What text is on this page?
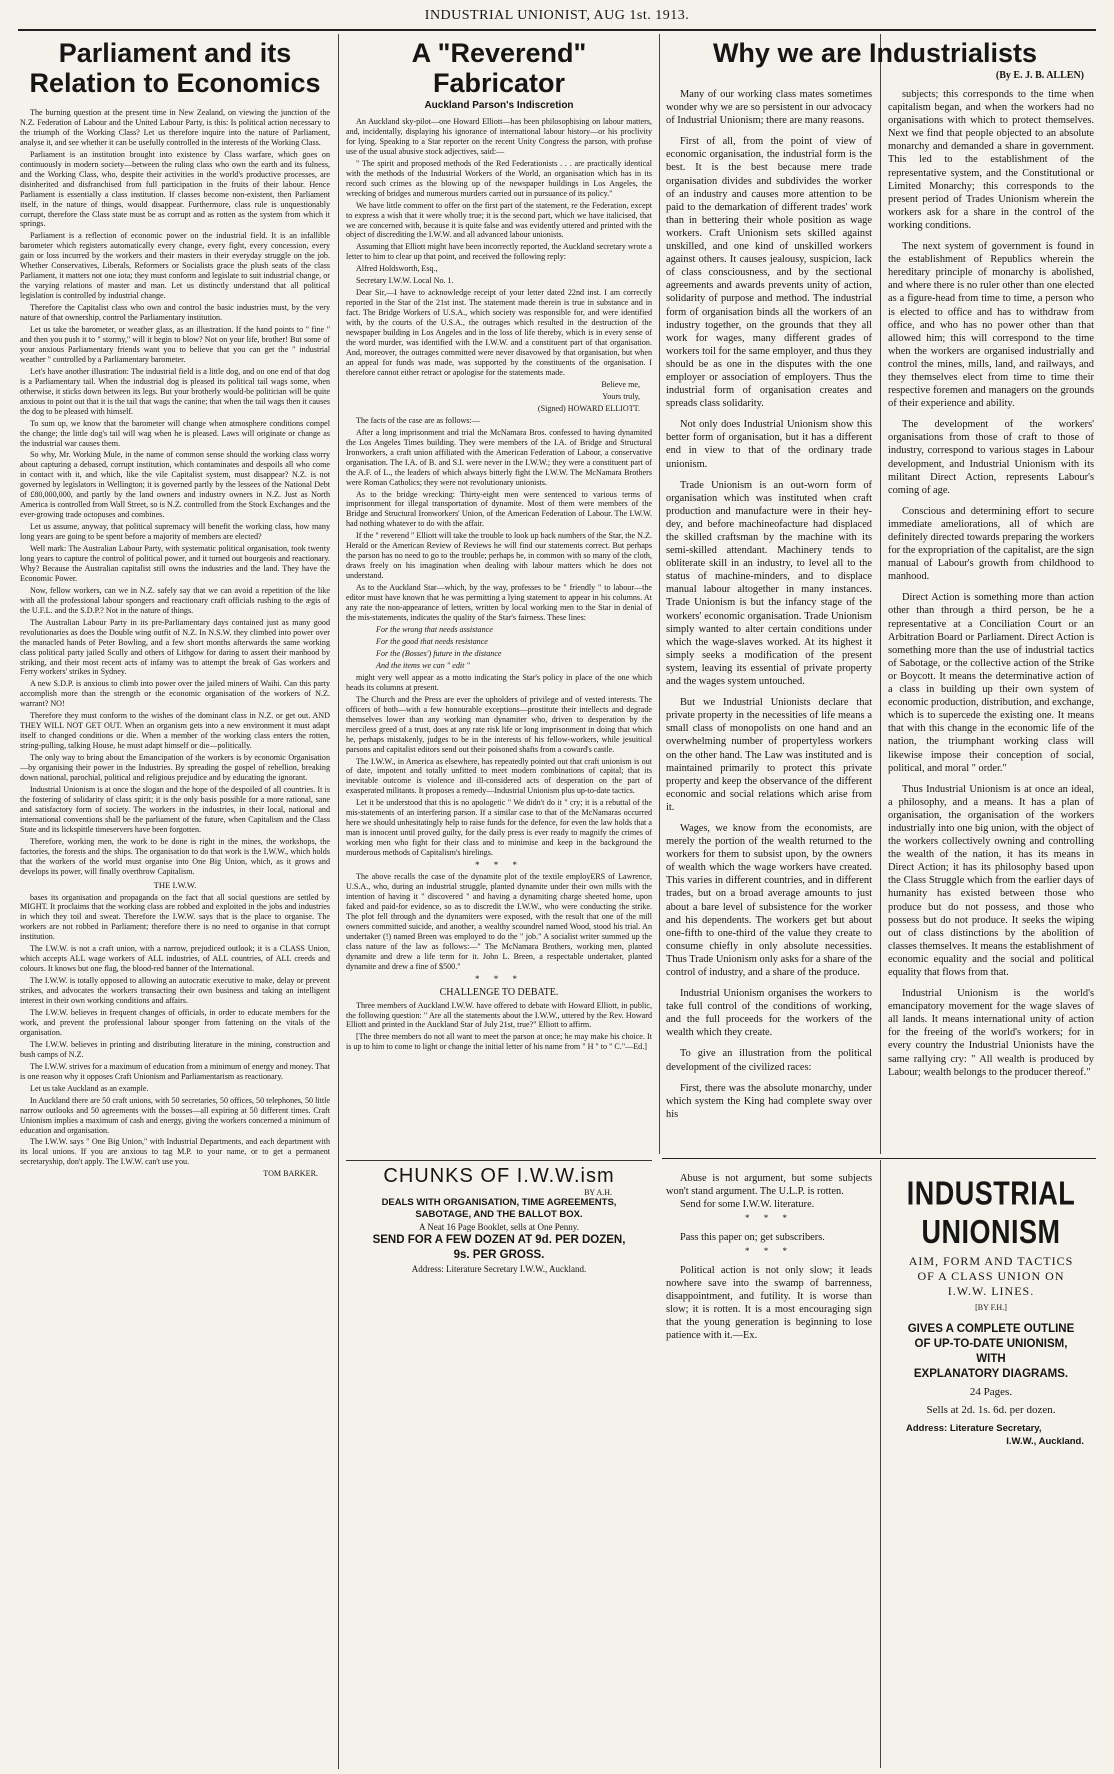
INDUSTRIAL UNIONIST, AUG 1st. 1913.
Parliament and its Relation to Economics

The burning question at the present time in New Zealand, on viewing the junction of the N.Z. Federation of Labour and the United Labour Party, is this: Is political action necessary to the triumph of the Working Class? Let us therefore inquire into the nature of Parliament, analyse it, and see whether it can be usefully controlled in the interests of the Working Class.

Parliament is an institution brought into existence by Class warfare, which goes on continuously in modern society—between the ruling class who own the earth and its fulness, and the Working Class, who, despite their activities in the world's productive processes, are disinherited and disfranchised from full participation in the fruits of their labour. Hence Parliament is essentially a class institution. If classes become non-existent, then Parliament itself, in the nature of things, would disappear. Furthermore, class rule is unquestionably corrupt, therefore the Class state must be as corrupt and as rotten as the system from which it springs.

Parliament is a reflection of economic power on the industrial field. It is an infallible barometer which registers automatically every change, every fight, every concession, every gain or loss incurred by the workers and their masters in their everyday struggle on the job. Whether Conservatives, Liberals, Reformers or Socialists grace the plush seats of the class Parliament, it matters not one iota; they must conform and legislate to suit industrial change, or the varying relations of master and man. Let us distinctly understand that all political legislation is controlled by industrial change.

Therefore the Capitalist class who own and control the basic industries must, by the very nature of that ownership, control the Parliamentary institution.

Let us take the barometer, or weather glass, as an illustration. If the hand points to " fine " and then you push it to " stormy," will it begin to blow? Not on your life, brother! But some of your anxious Parliamentary friends want you to believe that you can get the " industrial weather " controlled by a Parliamentary barometer.

Let's have another illustration: The industrial field is a little dog, and on one end of that dog is a Parliamentary tail. When the industrial dog is pleased its political tail wags some, when otherwise, it sticks down between its legs. But your brotherly would-be politician will be quite anxious to point out that it is the tail that wags the canine; that when the tail wags then it causes the dog to be pleased with himself.

To sum up, we know that the barometer will change when atmosphere conditions compel the change; the little dog's tail will wag when he is pleased. Laws will originate or change as the industrial war causes them.

So why, Mr. Working Mule, in the name of common sense should the working class worry about capturing a debased, corrupt institution, which contaminates and despoils all who come in contact with it, and which, like the vile Capitalist system, must disappear? N.Z. is not governed by legislators in Wellington; it is governed partly by the lessees of the National Debt of £80,000,000, and partly by the land owners and industry owners in N.Z. Just as North America is controlled from Wall Street, so is N.Z. controlled from the Stock Exchanges and the ever-growing trade octopuses and combines.

Let us assume, anyway, that political supremacy will benefit the working class, how many long years are going to be spent before a majority of members are elected?

Well mark: The Australian Labour Party, with systematic political organisation, took twenty long years to capture the control of political power, and it turned out bourgeois and reactionary. Why? Because the Australian capitalist still owns the industries and the land. They have the Economic Power.

Now, fellow workers, can we in N.Z. safely say that we can avoid a repetition of the like with all the professional labour spongers and reactionary craft officials rushing to the ægis of the U.F.L. and the S.D.P.? Not in the nature of things.

The Australian Labour Party in its pre-Parliamentary days contained just as many good revolutionaries as does the Double wing outfit of N.Z. In N.S.W. they climbed into power over the manacled hands of Peter Bowling, and a few short months afterwards the same working class political party jailed Scully and others of Lithgow for daring to assert their manhood by striking, and their most recent acts of infamy was to attempt the break of Gas workers and Ferry workers' strikes in Sydney.

A new S.D.P. is anxious to climb into power over the jailed miners of Waihi. Can this party accomplish more than the strength or the economic organisation of the workers of N.Z. warrant? NO!

Therefore they must conform to the wishes of the dominant class in N.Z. or get out. AND THEY WILL NOT GET OUT. When an organism gets into a new environment it must adapt itself to changed conditions or die. When a member of the working class enters the rotten, string-pulling, talking House, he must adapt himself or die—politically.

The only way to bring about the Emancipation of the workers is by economic Organisation—by organising their power in the Industries. By spreading the gospel of rebellion, breaking down national, parochial, political and religious prejudice and by educating the ignorant.

Industrial Unionism is at once the slogan and the hope of the despoiled of all countries. It is the fostering of solidarity of class spirit; it is the only basis possible for a more rational, sane and satisfactory form of society. The workers in the industries, in their local, national and international conventions shall be the parliament of the future, when Capitalism and the Class State and its lickspittle timeservers have been forgotten.

Therefore, working men, the work to be done is right in the mines, the workshops, the factories, the forests and the ships. The organisation to do that work is the I.W.W., which holds that the workers of the world must organise into One Big Union, which, as it grows and develops its power, will finally overthrow Capitalism.

THE I.W.W.

bases its organisation and propaganda on the fact that all social questions are settled by MIGHT. It proclaims that the working class are robbed and exploited in the jobs and industries in which they toil and sweat. Therefore the I.W.W. says that is the place to organise. The workers are not robbed in Parliament; therefore there is no need to organise in that corrupt institution.

The I.W.W. is not a craft union, with a narrow, prejudiced outlook; it is a CLASS Union, which accepts ALL wage workers of ALL industries, of ALL countries, of ALL creeds and colours. It knows but one flag, the blood-red banner of the International.

The I.W.W. is totally opposed to allowing an autocratic executive to make, delay or prevent strikes, and advocates the workers transacting their own business and taking an intelligent interest in their own working conditions and affairs.

The I.W.W. believes in frequent changes of officials, in order to educate members for the work, and prevent the professional labour sponger from fattening on the vitals of the organisation.

The I.W.W. believes in printing and distributing literature in the mining, construction and bush camps of N.Z.

The I.W.W. strives for a maximum of education from a minimum of energy and money. That is one reason why it opposes Craft Unionism and Parliamentarism as reactionary.

Let us take Auckland as an example.

In Auckland there are 50 craft unions, with 50 secretaries, 50 offices, 50 telephones, 50 little narrow outlooks and 50 agreements with the bosses—all expiring at 50 different times. Craft Unionism implies a maximum of cash and energy, giving the workers concerned a minimum of education and organisation.

The I.W.W. says " One Big Union," with Industrial Departments, and each department with its local unions. If you are anxious to tag M.P. to your name, or to get a permanent secretaryship, don't apply. The I.W.W. can't use you.

TOM BARKER.
A "Reverend" Fabricator
Auckland Parson's Indiscretion

An Auckland sky-pilot—one Howard Elliott—has been philosophising on labour matters, and, incidentally, displaying his ignorance of international labour history—or his proclivity for lying. Speaking to a Star reporter on the recent Unity Congress the parson, with profuse use of the usual abusive stock adjectives, said:—

" The spirit and proposed methods of the Red Federationists . . . are practically identical with the methods of the Industrial Workers of the World, an organisation which has in its record such crimes as the blowing up of the newspaper buildings in Los Angeles, the wrecking of bridges and numerous murders carried out in pursuance of its policy."

We have little comment to offer on the first part of the statement, re the Federation, except to express a wish that it were wholly true; it is the second part, which we have italicised, that we are concerned with, because it is quite false and was evidently uttered and printed with the object of discrediting the I.W.W. and all advanced labour unionists.

Assuming that Elliott might have been incorrectly reported, the Auckland secretary wrote a letter to him to clear up that point, and received the following reply:

Alfred Holdsworth, Esq.,

Secretary I.W.W. Local No. 1.

Dear Sir,—I have to acknowledge receipt of your letter dated 22nd inst. I am correctly reported in the Star of the 21st inst. The statement made therein is true in substance and in fact. The Bridge Workers of U.S.A., which society was responsible for, and were identified with, by the courts of the U.S.A., the outrages which resulted in the destruction of the newspaper building in Los Angeles and in the loss of life thereby, which is in every sense of the word murder, was identified with the I.W.W. and a constituent part of that organisation. And, moreover, the outrages committed were never disavowed by that organisation, but when an appeal for funds was made, was supported by the constituents of the organisation. I therefore cannot either retract or apologise for the statements made.

Believe me,
Yours truly,
(Signed) HOWARD ELLIOTT.

The facts of the case are as follows:—

After a long imprisonment and trial the McNamara Bros. confessed to having dynamited the Los Angeles Times building. They were members of the I.A. of Bridge and Structural Ironworkers, a craft union affiliated with the American Federation of Labour, a conservative organisation. The I.A. of B. and S.I. were never in the I.W.W.; they were a constituent part of the A.F. of L., the leaders of which always bitterly fight the I.W.W. The McNamara Brothers were Roman Catholics; they were not revolutionary unionists.

As to the bridge wrecking: Thirty-eight men were sentenced to various terms of imprisonment for illegal transportation of dynamite. Most of them were members of the Bridge and Structural Ironworkers' Union, of the American Federation of Labour. The I.W.W. had nothing whatever to do with the affair.

If the " reverend " Elliott will take the trouble to look up back numbers of the Star, the N.Z. Herald or the American Review of Reviews he will find our statements correct. But perhaps the parson has no need to go to the trouble; perhaps he, in common with so many of the cloth, draws freely on his imagination when dealing with labour matters which he does not understand.

As to the Auckland Star—which, by the way, professes to be " friendly " to labour—the editor must have known that he was permitting a lying statement to appear in his columns. At any rate the non-appearance of letters, written by local working men to the Star in denial of the mis-statements, indicates the quality of the Star's fairness. These lines:

For the wrong that needs assistance

For the good that needs resistance

For the (Bosses') future in the distance

And the items we can " edit "

might very well appear as a motto indicating the Star's policy in place of the one which heads its columns at present.

The Church and the Press are ever the upholders of privilege and of vested interests. The officers of both—with a few honourable exceptions—prostitute their intellects and degrade themselves lower than any working man dynamiter who, driven to desperation by the merciless greed of a trust, does at any rate risk life or long imprisonment in doing that which he, perhaps mistakenly, judges to be in the interests of his fellow-workers, while jesuitical parsons and capitalist editors send out their poisoned shafts from a coward's castle.

The I.W.W., in America as elsewhere, has repeatedly pointed out that craft unionism is out of date, impotent and totally unfitted to meet modern combinations of capital; that its inevitable outcome is violence and ill-considered acts of desperation on the part of exasperated militants. It proposes a remedy—Industrial Unionism plus up-to-date tactics.

Let it be understood that this is no apologetic " We didn't do it " cry; it is a rebuttal of the mis-statements of an interfering parson. If a similar case to that of the McNamaras occurred here we should unhesitatingly help to raise funds for the defence, for even the law holds that a man is innocent until proved guilty, for the daily press is ever ready to magnify the crimes of working men who fight for their class and to minimise and keep in the background the murderous methods of Capitalism's hirelings.

* * *

The above recalls the case of the dynamite plot of the textile employERS of Lawrence, U.S.A., who, during an industrial struggle, planted dynamite under their own mills with the intention of having it " discovered " and having a dynamiting charge sheeted home, upon faked and paid-for evidence, so as to discredit the I.W.W., who were conducting the strike. The plot fell through and the dynamiters were exposed, with the result that one of the mill owners committed suicide, and another, a wealthy scoundrel named Wood, stood his trial. An undertaker (!) named Breen was employed to do the " job." A socialist writer summed up the class nature of the law as follows:—" The McNamara Brothers, working men, planted dynamite and drew a life term for it. John L. Breen, a respectable undertaker, planted dynamite and drew a fine of $500."

* * *
CHALLENGE TO DEBATE.

Three members of Auckland I.W.W. have offered to debate with Howard Elliott, in public, the following question: " Are all the statements about the I.W.W., uttered by the Rev. Howard Elliott and printed in the Auckland Star of July 21st, true?" Elliott to affirm.

[The three members do not all want to meet the parson at once; he may make his choice. It is up to him to come to light or change the initial letter of his name from " H " to " C."—Ed.]

CHUNKS OF I.W.W.ism
BY A.H.
DEALS WITH ORGANISATION, TIME AGREEMENTS,
SABOTAGE, AND THE BALLOT BOX.
A Neat 16 Page Booklet, sells at One Penny.
SEND FOR A FEW DOZEN AT 9d. PER DOZEN,
9s. PER GROSS.
Address: Literature Secretary I.W.W., Auckland.
Why we are Industrialists
(By E. J. B. ALLEN)

Many of our working class mates sometimes wonder why we are so persistent in our advocacy of Industrial Unionism; there are many reasons.

First of all, from the point of view of economic organisation, the industrial form is the best. It is the best because mere trade organisation divides and subdivides the worker of an industry and causes more attention to be paid to the demarkation of different trades' work than in bettering their whole position as wage workers. Craft Unionism sets skilled against unskilled, and one kind of unskilled workers against others. It causes jealousy, suspicion, lack of class consciousness, and by the sectional agreements and awards prevents unity of action, solidarity of purpose and method. The industrial form of organisation binds all the workers of an industry together, on the grounds that they all work for wages, many different grades of workers toil for the same employer, and thus they should be as one in the disputes with the one employer or association of employers. Thus the industrial form of organisation creates and spreads class solidarity.

Not only does Industrial Unionism show this better form of organisation, but it has a different end in view to that of the ordinary trade unionism.

Trade Unionism is an out-worn form of organisation which was instituted when craft production and manufacture were in their hey-dey, and before machineofacture had displaced the skilled craftsman by the machine with its semi-skilled attendant. Machinery tends to obliterate skill in an industry, to level all to the status of machine-minders, and to displace manual labour altogether in many instances. Trade Unionism is but the infancy stage of the workers' economic organisation. Trade Unionism simply wanted to alter certain conditions under which the wage-slaves worked. At its highest it simply seeks a modification of the present system, leaving its essential of private property and the wages system untouched.

But we Industrial Unionists declare that private property in the necessities of life means a small class of monopolists on one hand and an overwhelming number of propertyless workers on the other hand. The Law was instituted and is maintained primarily to protect this private property and keep the observance of the different economic and social relations which arise from it.

Wages, we know from the economists, are merely the portion of the wealth returned to the workers for them to subsist upon, by the owners of wealth which the wage workers have created. This varies in different countries, and in different trades, but on a broad average amounts to just about a bare level of subsistence for the worker and his dependents. The workers get but about one-fifth to one-third of the value they create to consume chiefly in only absolute necessities. Thus Trade Unionism only asks for a share of the control of industry, and a share of the produce.

Industrial Unionism organises the workers to take full control of the conditions of working, and the full proceeds for the workers of the wealth which they create.

To give an illustration from the political development of the civilized races:

First, there was the absolute monarchy, under which system the King had complete sway over his

subjects; this corresponds to the time when capitalism began, and when the workers had no organisations with which to protect themselves. Next we find that people objected to an absolute monarchy and demanded a share in government. This led to the establishment of the representative system, and the Constitutional or Limited Monarchy; this corresponds to the present period of Trades Unionism wherein the workers ask for a share in the control of the working conditions.

The next system of government is found in the establishment of Republics wherein the hereditary principle of monarchy is abolished, and where there is no ruler other than one elected as a figure-head from time to time, a person who is elected to office and has to withdraw from office, and who has no power other than that allowed him; this will correspond to the time when the workers are organised industrially and control the mines, mills, land, and railways, and they themselves elect from time to time their respective foremen and managers on the grounds of their experience and ability.

The development of the workers' organisations from those of craft to those of industry, correspond to various stages in Labour development, and Industrial Unionism with its militant Direct Action, represents Labour's coming of age.

Conscious and determining effort to secure immediate ameliorations, all of which are definitely directed towards preparing the workers for the expropriation of the capitalist, are the sign manual of Labour's growth from childhood to manhood.

Direct Action is something more than action other than through a third person, be he a representative at a Conciliation Court or an Arbitration Board or Parliament. Direct Action is something more than the use of industrial tactics of Sabotage, or the collective action of the Strike or Boycott. It means the determinative action of a class in building up their own system of economic production, distribution, and exchange, which is to supercede the existing one. It means that with this change in the economic life of the nation, the triumphant working class will likewise impose their conception of social, political, and moral " order."

Thus Industrial Unionism is at once an ideal, a philosophy, and a means. It has a plan of organisation, the organisation of the workers industrially into one big union, with the object of the workers collectively owning and controlling the wealth of the nation, it has its means in Direct Action; it has its philosophy based upon the Class Struggle which from the earlier days of humanity has existed between those who produce but do not possess, and those who possess but do not produce. It seeks the wiping out of class distinctions by the abolition of classes themselves. It means the establishment of economic equality and the social and political equality that flows from that.

Industrial Unionism is the world's emancipatory movement for the wage slaves of all lands. It means international unity of action for the freeing of the world's workers; for in every country the Industrial Unionists have the same rallying cry: " All wealth is produced by Labour; wealth belongs to the producer thereof."

Abuse is not argument, but some subjects won't stand argument. The U.L.P. is rotten.

Send for some I.W.W. literature.

* * *

Pass this paper on; get subscribers.

* * *

Political action is not only slow; it leads nowhere save into the swamp of barrenness, disappointment, and futility. It is worse than slow; it is rotten. It is a most encouraging sign that the young generation is beginning to lose patience with it.—Ex.

INDUSTRIAL UNIONISM
AIM, FORM AND TACTICS
OF A CLASS UNION ON
I.W.W. LINES.
[BY F.H.]
GIVES A COMPLETE OUTLINE
OF UP-TO-DATE UNIONISM,
WITH
EXPLANATORY DIAGRAMS.
24 Pages.
Sells at 2d. 1s. 6d. per dozen.
Address: Literature Secretary,
I.W.W., Auckland.
